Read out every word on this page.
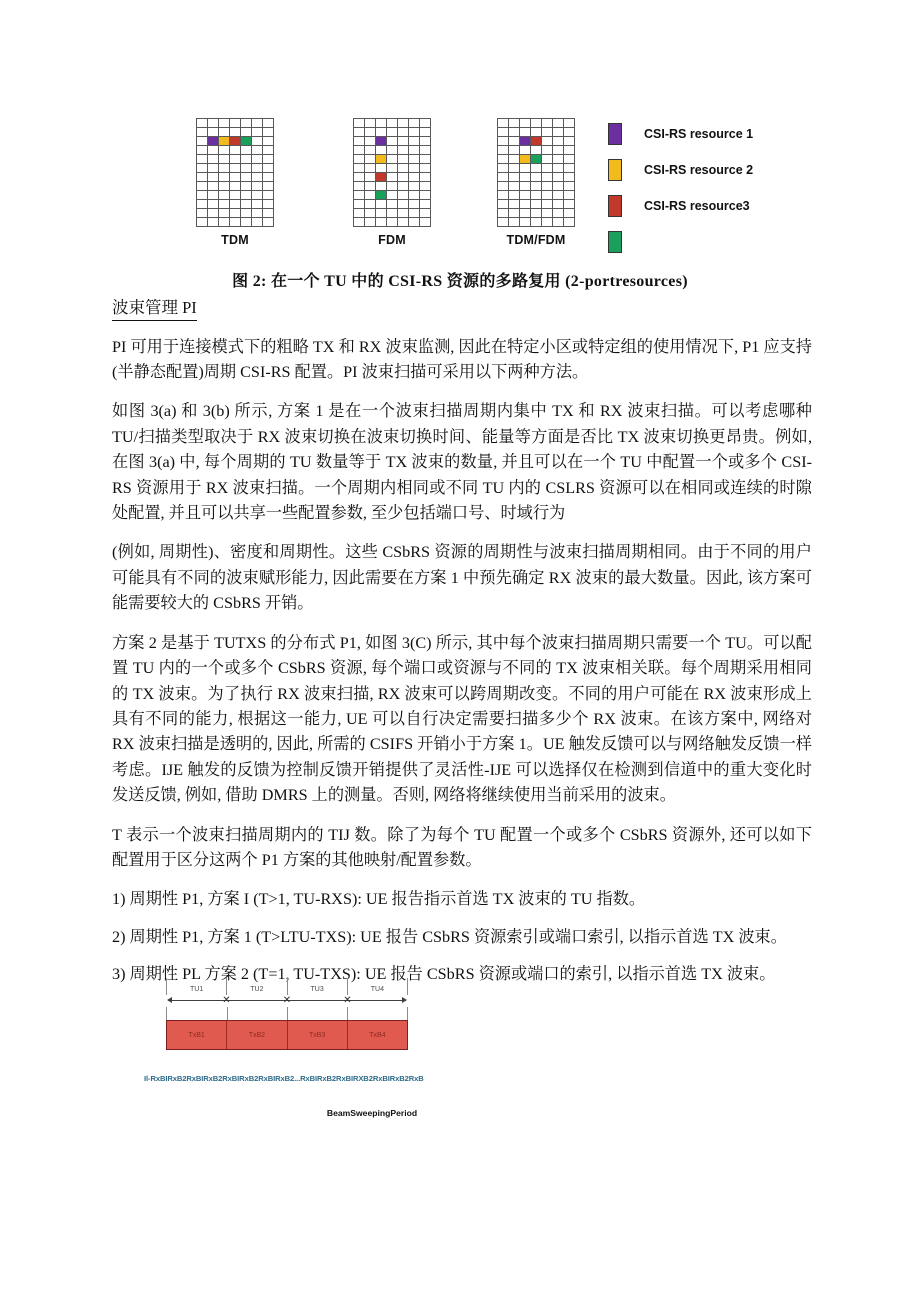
TDM	FDM	TDM/FDM
CSI-RS resource 1
CSI-RS resource 2
CSI-RS resource3
图 2: 在一个 TU 中的 CSI-RS 资源的多路复用 (2-portresources)
波束管理 PI

PI 可用于连接模式下的粗略 TX 和 RX 波束监测, 因此在特定小区或特定组的使用情况下, P1 应支持(半静态配置)周期 CSI-RS 配置。PI 波束扫描可采用以下两种方法。

如图 3(a) 和 3(b) 所示, 方案 1 是在一个波束扫描周期内集中 TX 和 RX 波束扫描。可以考虑哪种 TU/扫描类型取决于 RX 波束切换在波束切换时间、能量等方面是否比 TX 波束切换更昂贵。例如, 在图 3(a) 中, 每个周期的 TU 数量等于 TX 波束的数量, 并且可以在一个 TU 中配置一个或多个 CSI-RS 资源用于 RX 波束扫描。一个周期内相同或不同 TU 内的 CSLRS 资源可以在相同或连续的时隙处配置, 并且可以共享一些配置参数, 至少包括端口号、时域行为

(例如, 周期性)、密度和周期性。这些 CSbRS 资源的周期性与波束扫描周期相同。由于不同的用户可能具有不同的波束赋形能力, 因此需要在方案 1 中预先确定 RX 波束的最大数量。因此, 该方案可能需要较大的 CSbRS 开销。

方案 2 是基于 TUTXS 的分布式 P1, 如图 3(C) 所示, 其中每个波束扫描周期只需要一个 TU。可以配置 TU 内的一个或多个 CSbRS 资源, 每个端口或资源与不同的 TX 波束相关联。每个周期采用相同的 TX 波束。为了执行 RX 波束扫描, RX 波束可以跨周期改变。不同的用户可能在 RX 波束形成上具有不同的能力, 根据这一能力, UE 可以自行决定需要扫描多少个 RX 波束。在该方案中, 网络对 RX 波束扫描是透明的, 因此, 所需的 CSIFS 开销小于方案 1。UE 触发反馈可以与网络触发反馈一样考虑。IJE 触发的反馈为控制反馈开销提供了灵活性-IJE 可以选择仅在检测到信道中的重大变化时发送反馈, 例如, 借助 DMRS 上的测量。否则, 网络将继续使用当前采用的波束。

T 表示一个波束扫描周期内的 TIJ 数。除了为每个 TU 配置一个或多个 CSbRS 资源外, 还可以如下配置用于区分这两个 P1 方案的其他映射/配置参数。

1) 周期性 P1, 方案 I (T>1, TU-RXS): UE 报告指示首选 TX 波束的 TU 指数。

2) 周期性 P1, 方案 1 (T>LTU-TXS): UE 报告 CSbRS 资源索引或端口索引, 以指示首选 TX 波束。

3) 周期性 PL 方案 2 (T=1, TU-TXS): UE 报告 CSbRS 资源或端口的索引, 以指示首选 TX 波束。

TU1	TU2	TU3	TU4
✕	✕	✕
TxB1	TxB2	TxB3	TxB4
Il-RxBIRxB2RxBIRxB2RxBIRxB2RxBIRxB2...RxBIRxB2RxBIRXB2RxBIRxB2RxB
BeamSweepingPeriod
